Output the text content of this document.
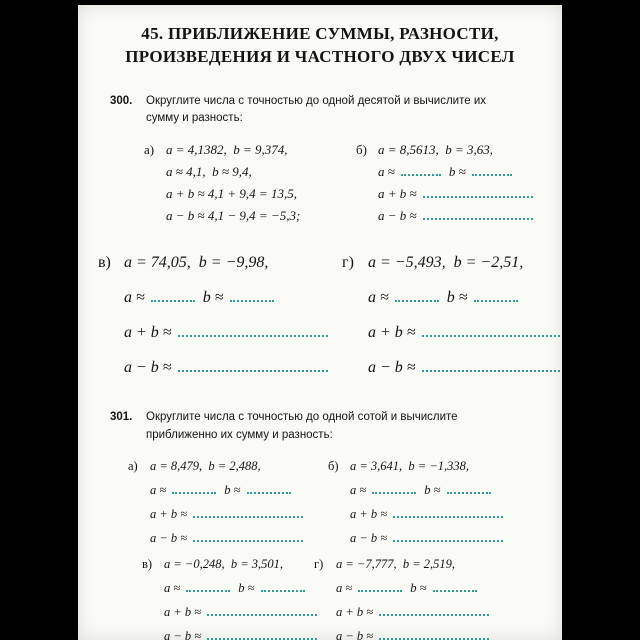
45. ПРИБЛИЖЕНИЕ СУММЫ, РАЗНОСТИ,
ПРОИЗВЕДЕНИЯ И ЧАСТНОГО ДВУХ ЧИСЕЛ
300.	Округлите числа с точностью до одной десятой и вычислите их сумму и разность:
а) a = 4,1382,  b = 9,374,
a ≈ 4,1,  b ≈ 9,4,
a + b ≈ 4,1 + 9,4 = 13,5,
a − b ≈ 4,1 − 9,4 = −5,3;
б) a = 8,5613,  b = 3,63,
a ≈	b ≈
a + b ≈
a − b ≈
в) a = 74,05,  b = −9,98,
a ≈	b ≈
a + b ≈
a − b ≈
г) a = −5,493,  b = −2,51,
a ≈	b ≈
a + b ≈
a − b ≈
301.	Округлите числа с точностью до одной сотой и вычислите приближенно их сумму и разность:
а) a = 8,479,  b = 2,488,
a ≈	b ≈
a + b ≈
a − b ≈
б) a = 3,641,  b = −1,338,
a ≈	b ≈
a + b ≈
a − b ≈
в) a = −0,248,  b = 3,501,
a ≈	b ≈
a + b ≈
a − b ≈
г) a = −7,777,  b = 2,519,
a ≈	b ≈
a + b ≈
a − b ≈
